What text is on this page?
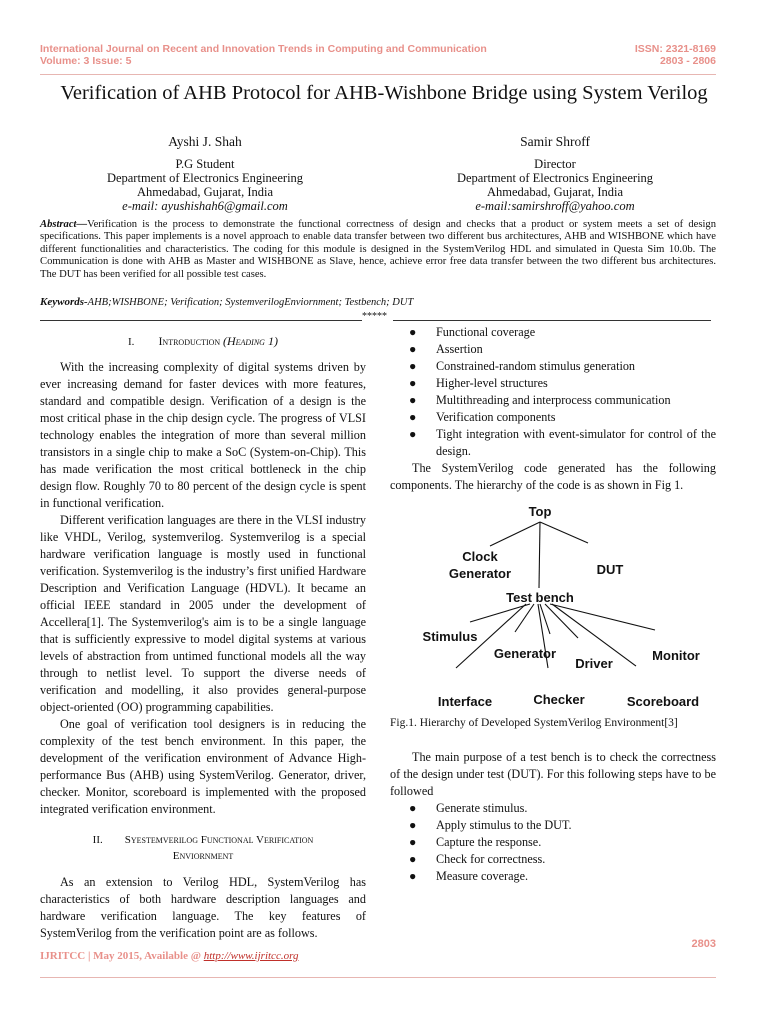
International Journal on Recent and Innovation Trends in Computing and Communication
Volume: 3 Issue: 5
ISSN: 2321-8169
2803 - 2806
Verification of AHB Protocol for AHB-Wishbone Bridge using System Verilog
Ayshi J. Shah
P.G Student
Department of Electronics Engineering
Ahmedabad, Gujarat, India
e-mail: ayushishah6@gmail.com
Samir Shroff
Director
Department of Electronics Engineering
Ahmedabad, Gujarat, India
e-mail:samirshroff@yahoo.com
Abstract—Verification is the process to demonstrate the functional correctness of design and checks that a product or system meets a set of design specifications. This paper implements is a novel approach to enable data transfer between two different bus architectures, AHB and WISHBONE which have different functionalities and characteristics. The coding for this module is designed in the SystemVerilog HDL and simulated in Questa Sim 10.0b. The Communication is done with AHB as Master and WISHBONE as Slave, hence, achieve error free data transfer between the two different bus architectures. The DUT has been verified for all possible test cases.
Keywords-AHB;WISHBONE; Verification; SystemverilogEnviornment; Testbench; DUT
*****
I. Introduction (Heading 1)

With the increasing complexity of digital systems driven by ever increasing demand for faster devices with more features, standard and compatible design. Verification of a design is the most critical phase in the chip design cycle. The progress of VLSI technology enables the integration of more than several million transistors in a single chip to make a SoC (System-on-Chip). This has made verification the most critical bottleneck in the chip design flow. Roughly 70 to 80 percent of the design cycle is spent in functional verification.

Different verification languages are there in the VLSI industry like VHDL, Verilog, systemverilog. Systemverilog is a special hardware verification language is mostly used in functional verification. Systemverilog is the industry’s first unified Hardware Description and Verification Language (HDVL). It became an official IEEE standard in 2005 under the development of Accellera[1]. The Systemverilog's aim is to be a single language that is sufficiently expressive to model digital systems at various levels of abstraction from untimed functional models all the way through to netlist level. To support the diverse needs of verification and modelling, it also provides general-purpose object-oriented (OO) programming capabilities.

One goal of verification tool designers is in reducing the complexity of the test bench environment. In this paper, the development of the verification environment of Advance High-performance Bus (AHB) using SystemVerilog. Generator, driver, checker. Monitor, scoreboard is implemented with the proposed integrated verification environment.

II. Syestemverilog Functional Verification
Enviornment

As an extension to Verilog HDL, SystemVerilog has characteristics of both hardware description languages and hardware verification language. The key features of SystemVerilog from the verification point are as follows.

● Functional coverage
● Assertion
● Constrained-random stimulus generation
● Higher-level structures
● Multithreading and interprocess communication
● Verification components
● Tight integration with event-simulator for control of the design.

The SystemVerilog code generated has the following components. The hierarchy of the code is as shown in Fig 1.

Top
Clock
Generator	DUT
Test bench
Stimulus
Generator
Driver
Monitor
Interface	Checker	Scoreboard
Fig.1. Hierarchy of Developed SystemVerilog Environment[3]

The main purpose of a test bench is to check the correctness of the design under test (DUT). For this following steps have to be followed

● Generate stimulus.
● Apply stimulus to the DUT.
● Capture the response.
● Check for correctness.
● Measure coverage.
2803
IJRITCC | May 2015, Available @ http://www.ijritcc.org
